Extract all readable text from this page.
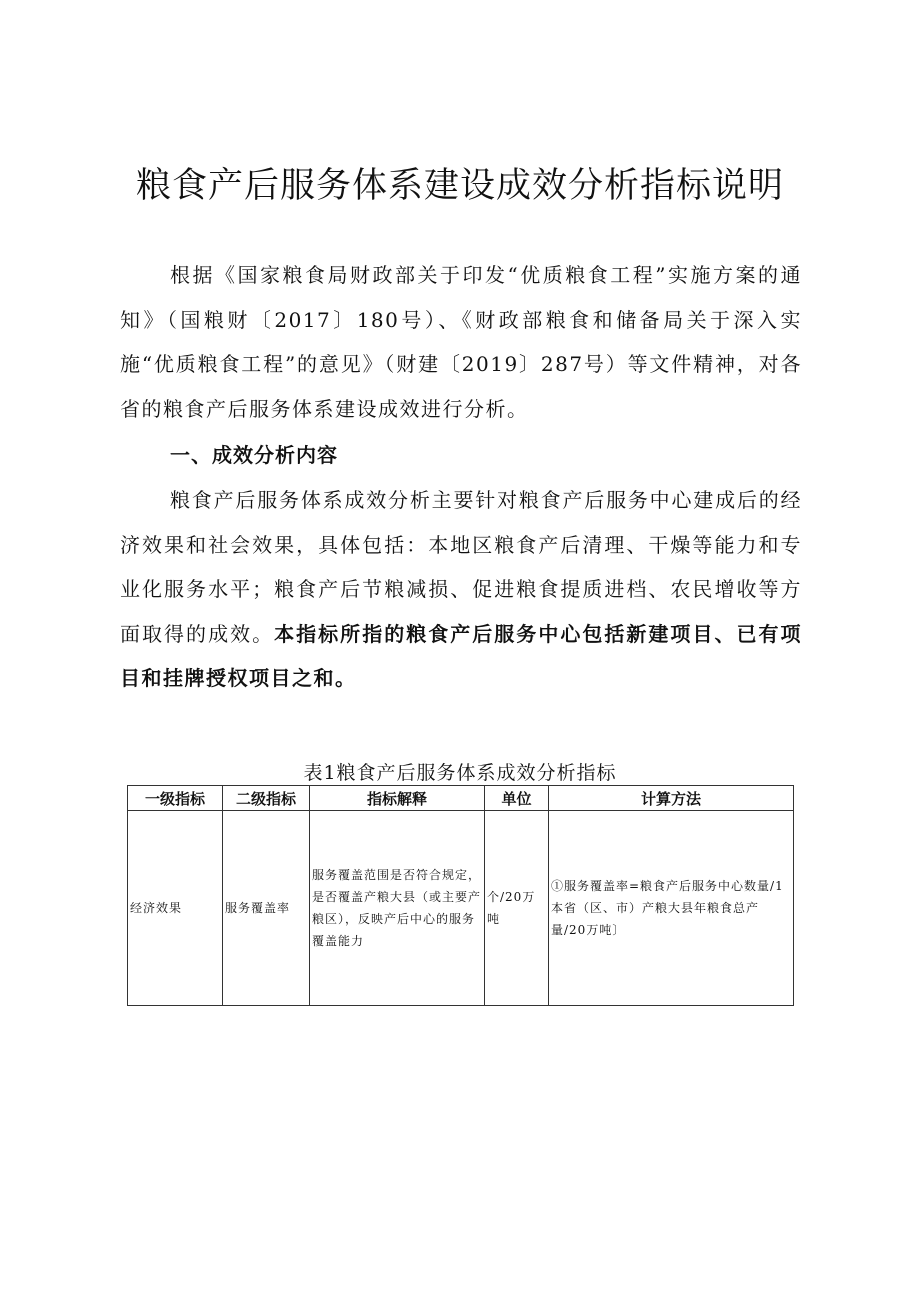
粮食产后服务体系建设成效分析指标说明

根据《国家粮食局财政部关于印发“优质粮食工程”实施方案的通知》（国粮财〔2017〕180号）、《财政部粮食和储备局关于深入实施“优质粮食工程”的意见》（财建〔2019〕287号）等文件精神，对各省的粮食产后服务体系建设成效进行分析。

一、成效分析内容

粮食产后服务体系成效分析主要针对粮食产后服务中心建成后的经济效果和社会效果，具体包括：本地区粮食产后清理、干燥等能力和专业化服务水平；粮食产后节粮减损、促进粮食提质进档、农民增收等方面取得的成效。本指标所指的粮食产后服务中心包括新建项目、已有项目和挂牌授权项目之和。

表1粮食产后服务体系成效分析指标
一级指标	二级指标	指标解释	单位	计算方法
经济效果	服务覆盖率	服务覆盖范围是否符合规定，是否覆盖产粮大县（或主要产粮区），反映产后中心的服务覆盖能力	个/20万吨	①服务覆盖率=粮食产后服务中心数量/1本省（区、市）产粮大县年粮食总产量/20万吨〕
